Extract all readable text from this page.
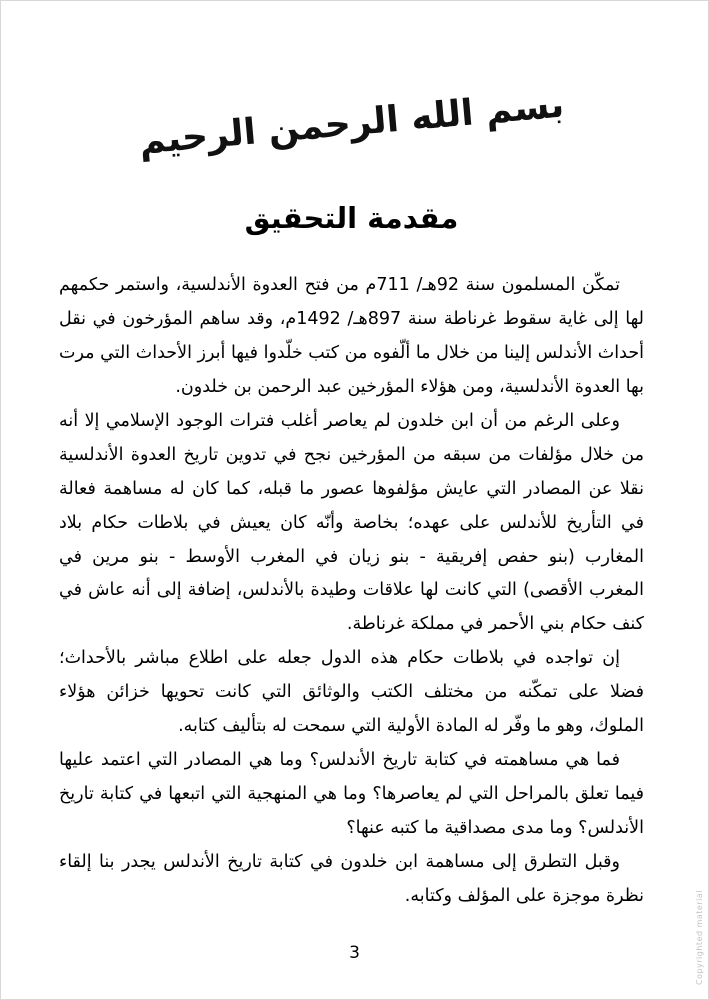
بسم الله الرحمن الرحيم
مقدمة التحقيق

تمكّن المسلمون سنة 92هـ/ 711م من فتح العدوة الأندلسية، واستمر حكمهم لها إلى غاية سقوط غرناطة سنة 897هـ/ 1492م، وقد ساهم المؤرخون في نقل أحداث الأندلس إلينا من خلال ما ألّفوه من كتب خلّدوا فيها أبرز الأحداث التي مرت بها العدوة الأندلسية، ومن هؤلاء المؤرخين عبد الرحمن بن خلدون.

وعلى الرغم من أن ابن خلدون لم يعاصر أغلب فترات الوجود الإسلامي إلا أنه من خلال مؤلفات من سبقه من المؤرخين نجح في تدوين تاريخ العدوة الأندلسية نقلا عن المصادر التي عايش مؤلفوها عصور ما قبله، كما كان له مساهمة فعالة في التأريخ للأندلس على عهده؛ بخاصة وأنّه كان يعيش في بلاطات حكام بلاد المغارب (بنو حفص إفريقية - بنو زيان في المغرب الأوسط - بنو مرين في المغرب الأقصى) التي كانت لها علاقات وطيدة بالأندلس، إضافة إلى أنه عاش في كنف حكام بني الأحمر في مملكة غرناطة.

إن تواجده في بلاطات حكام هذه الدول جعله على اطلاع مباشر بالأحداث؛ فضلا على تمكّنه من مختلف الكتب والوثائق التي كانت تحويها خزائن هؤلاء الملوك، وهو ما وفّر له المادة الأولية التي سمحت له بتأليف كتابه.

فما هي مساهمته في كتابة تاريخ الأندلس؟ وما هي المصادر التي اعتمد عليها فيما تعلق بالمراحل التي لم يعاصرها؟ وما هي المنهجية التي اتبعها في كتابة تاريخ الأندلس؟ وما مدى مصداقية ما كتبه عنها؟

وقبل التطرق إلى مساهمة ابن خلدون في كتابة تاريخ الأندلس يجدر بنا إلقاء نظرة موجزة على المؤلف وكتابه.

3	Copyrighted material
